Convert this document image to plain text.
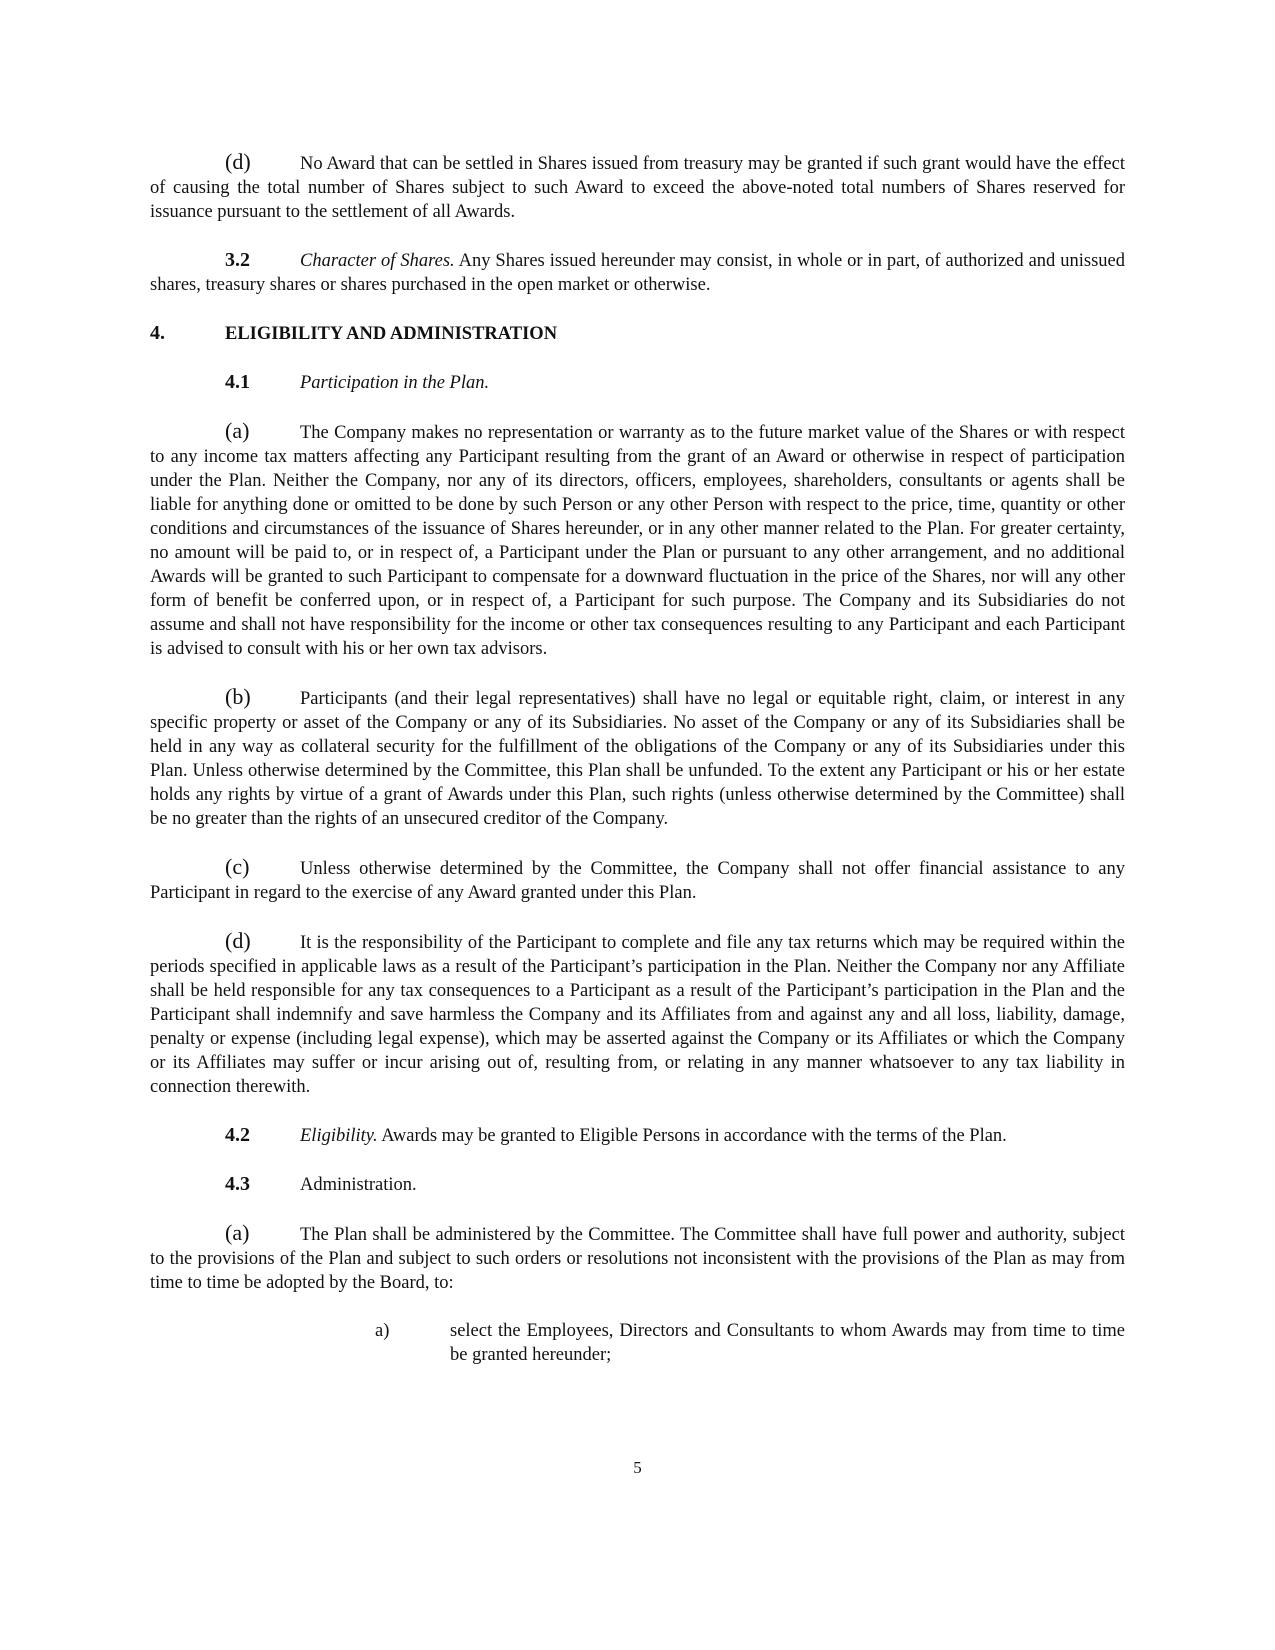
(d)	No Award that can be settled in Shares issued from treasury may be granted if such grant would have the effect of causing the total number of Shares subject to such Award to exceed the above-noted total numbers of Shares reserved for issuance pursuant to the settlement of all Awards.

3.2	Character of Shares. Any Shares issued hereunder may consist, in whole or in part, of authorized and unissued shares, treasury shares or shares purchased in the open market or otherwise.

4.	ELIGIBILITY AND ADMINISTRATION

4.1	Participation in the Plan.

(a)	The Company makes no representation or warranty as to the future market value of the Shares or with respect to any income tax matters affecting any Participant resulting from the grant of an Award or otherwise in respect of participation under the Plan. Neither the Company, nor any of its directors, officers, employees, shareholders, consultants or agents shall be liable for anything done or omitted to be done by such Person or any other Person with respect to the price, time, quantity or other conditions and circumstances of the issuance of Shares hereunder, or in any other manner related to the Plan. For greater certainty, no amount will be paid to, or in respect of, a Participant under the Plan or pursuant to any other arrangement, and no additional Awards will be granted to such Participant to compensate for a downward fluctuation in the price of the Shares, nor will any other form of benefit be conferred upon, or in respect of, a Participant for such purpose. The Company and its Subsidiaries do not assume and shall not have responsibility for the income or other tax consequences resulting to any Participant and each Participant is advised to consult with his or her own tax advisors.

(b)	Participants (and their legal representatives) shall have no legal or equitable right, claim, or interest in any specific property or asset of the Company or any of its Subsidiaries. No asset of the Company or any of its Subsidiaries shall be held in any way as collateral security for the fulfillment of the obligations of the Company or any of its Subsidiaries under this Plan. Unless otherwise determined by the Committee, this Plan shall be unfunded. To the extent any Participant or his or her estate holds any rights by virtue of a grant of Awards under this Plan, such rights (unless otherwise determined by the Committee) shall be no greater than the rights of an unsecured creditor of the Company.

(c)	Unless otherwise determined by the Committee, the Company shall not offer financial assistance to any Participant in regard to the exercise of any Award granted under this Plan.

(d)	It is the responsibility of the Participant to complete and file any tax returns which may be required within the periods specified in applicable laws as a result of the Participant’s participation in the Plan. Neither the Company nor any Affiliate shall be held responsible for any tax consequences to a Participant as a result of the Participant’s participation in the Plan and the Participant shall indemnify and save harmless the Company and its Affiliates from and against any and all loss, liability, damage, penalty or expense (including legal expense), which may be asserted against the Company or its Affiliates or which the Company or its Affiliates may suffer or incur arising out of, resulting from, or relating in any manner whatsoever to any tax liability in connection therewith.

4.2	Eligibility. Awards may be granted to Eligible Persons in accordance with the terms of the Plan.

4.3	Administration.

(a)	The Plan shall be administered by the Committee. The Committee shall have full power and authority, subject to the provisions of the Plan and subject to such orders or resolutions not inconsistent with the provisions of the Plan as may from time to time be adopted by the Board, to:

a)	select the Employees, Directors and Consultants to whom Awards may from time to time be granted hereunder;
5
